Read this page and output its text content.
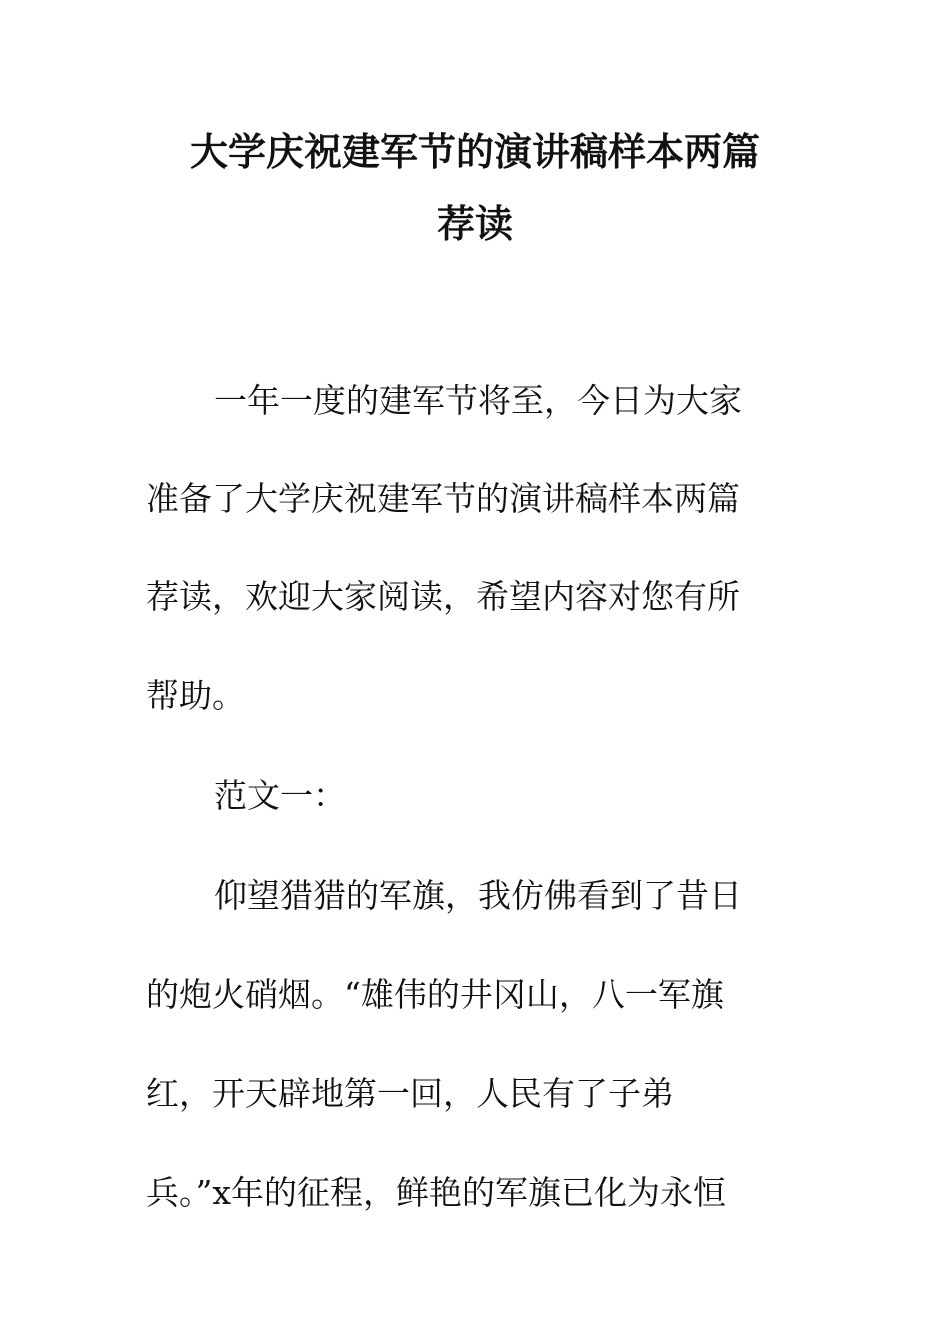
大学庆祝建军节的演讲稿样本两篇
荐读
一年一度的建军节将至，今日为大家
准备了大学庆祝建军节的演讲稿样本两篇
荐读，欢迎大家阅读，希望内容对您有所
帮助。
范文一：
仰望猎猎的军旗，我仿佛看到了昔日
的炮火硝烟。“雄伟的井冈山，八一军旗
红，开天辟地第一回，人民有了子弟
兵。”x年的征程，鲜艳的军旗已化为永恒
